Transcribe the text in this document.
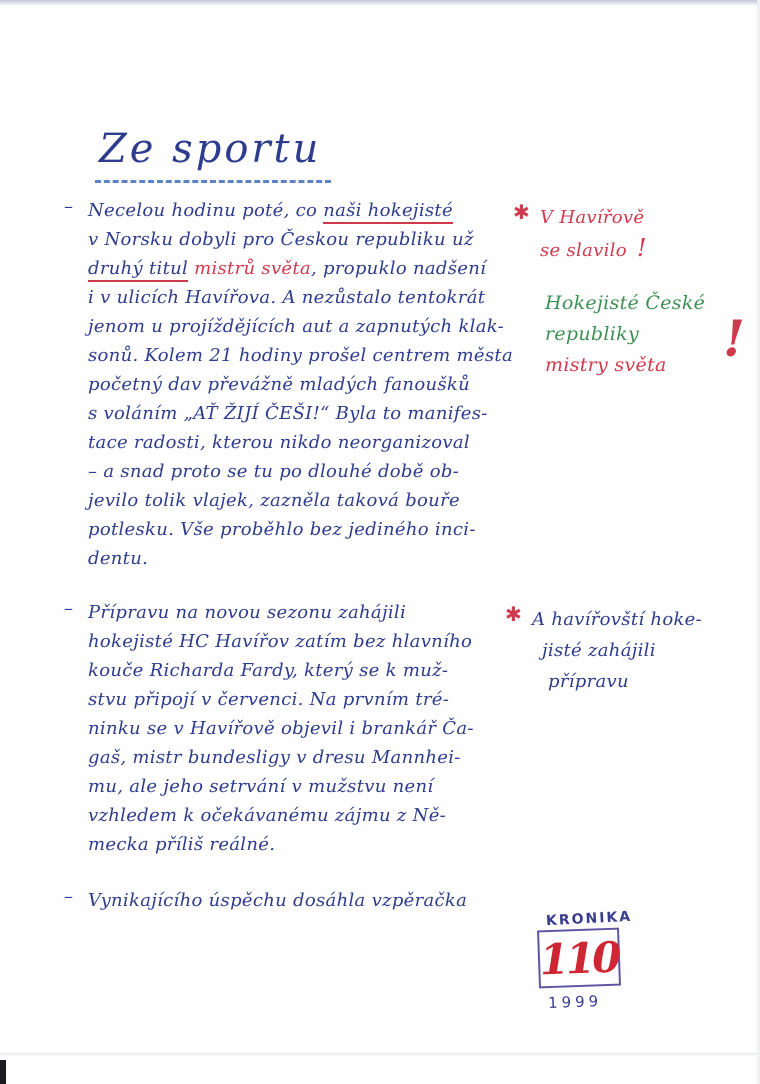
Ze sportu
– Necelou hodinu poté, co naši hokejisté
v Norsku dobyli pro Českou republiku už
druhý titul mistrů světa, propuklo nadšení
i v ulicích Havířova. A nezůstalo tentokrát
jenom u projíždějících aut a zapnutých klak-
sonů. Kolem 21 hodiny prošel centrem města
početný dav převážně mladých fanoušků
s voláním „AŤ ŽIJÍ ČEŠI!“ Byla to manifes-
tace radosti, kterou nikdo neorganizoval
– a snad proto se tu po dlouhé době ob-
jevilo tolik vlajek, zazněla taková bouře
potlesku. Vše proběhlo bez jediného inci-
dentu.
✱ V Havířově
se slavilo !
Hokejisté České
republiky
mistry světa	!
– Přípravu na novou sezonu zahájili
hokejisté HC Havířov zatím bez hlavního
kouče Richarda Fardy, který se k muž-
stvu připojí v červenci. Na prvním tré-
ninku se v Havířově objevil i brankář Ča-
gaš, mistr bundesligy v dresu Mannhei-
mu, ale jeho setrvání v mužstvu není
vzhledem k očekávanému zájmu z Ně-
mecka příliš reálné.
✱ A havířovští hoke-
jisté zahájili
přípravu
– Vynikajícího úspěchu dosáhla vzpěračka
KRONIKA
110
1999
